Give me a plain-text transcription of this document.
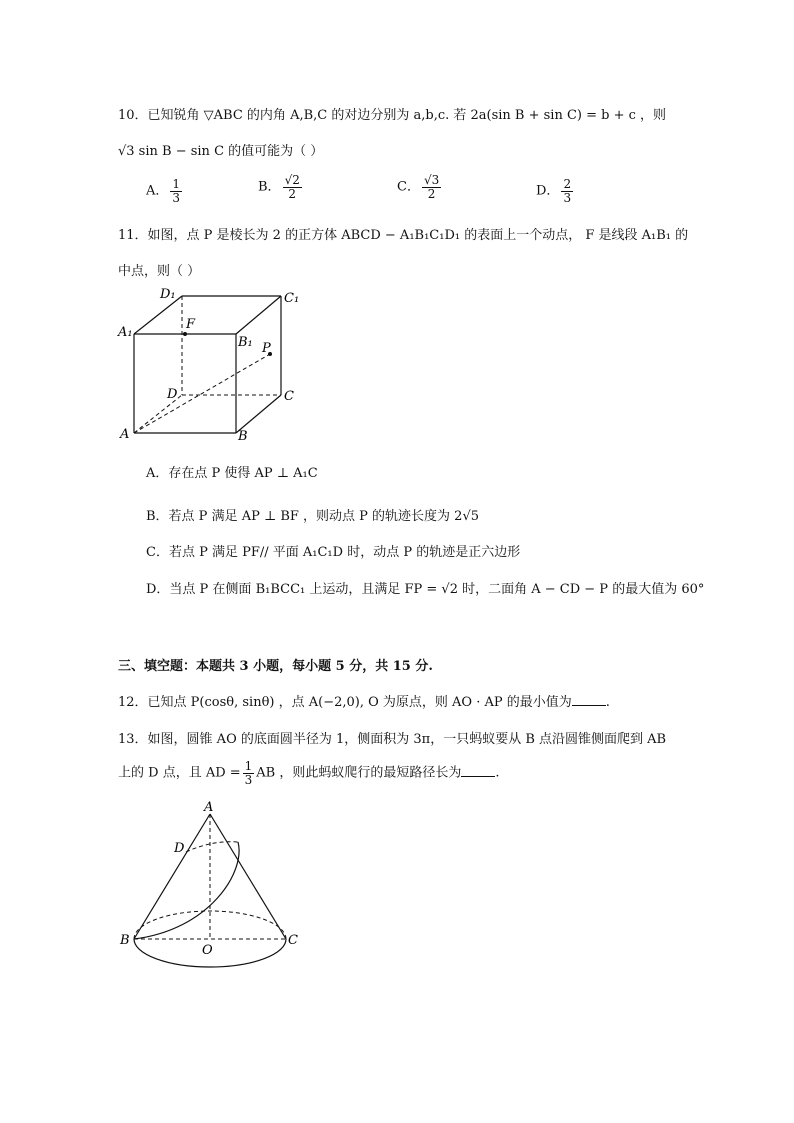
10．已知锐角 ▽ABC 的内角 A,B,C 的对边分别为 a,b,c. 若 2a(sin B + sin C) = b + c ，则
√3 sin B − sin C 的值可能为（ ）
A． $\frac{1}{3}$	B． $\frac{√2}{2}$	C． $\frac{√3}{2}$	D． $\frac{2}{3}$
11．如图，点 P 是棱长为 2 的正方体 ABCD − A₁B₁C₁D₁ 的表面上一个动点， F 是线段 A₁B₁ 的
中点，则（ ）
D₁	C₁
A₁
B₁
F
P
D	C
A	B
A．存在点 P 使得 AP ⊥ A₁C
B．若点 P 满足 AP ⊥ BF ，则动点 P 的轨迹长度为 2√5
C．若点 P 满足 PF// 平面 A₁C₁D 时，动点 P 的轨迹是正六边形
D．当点 P 在侧面 B₁BCC₁ 上运动，且满足 FP = √2 时，二面角 A − CD − P 的最大值为 60°
三、填空题：本题共 3 小题，每小题 5 分，共 15 分.
12．已知点 P(cosθ, sinθ) ，点 A(−2,0), O 为原点，则 AO · AP 的最小值为	.
13．如图，圆锥 AO 的底面圆半径为 1，侧面积为 3π，一只蚂蚁要从 B 点沿圆锥侧面爬到 AB
上的 D 点，且 AD = $\frac{1}{3}$ AB ，则此蚂蚁爬行的最短路径长为	.
A
D
B
O
C
